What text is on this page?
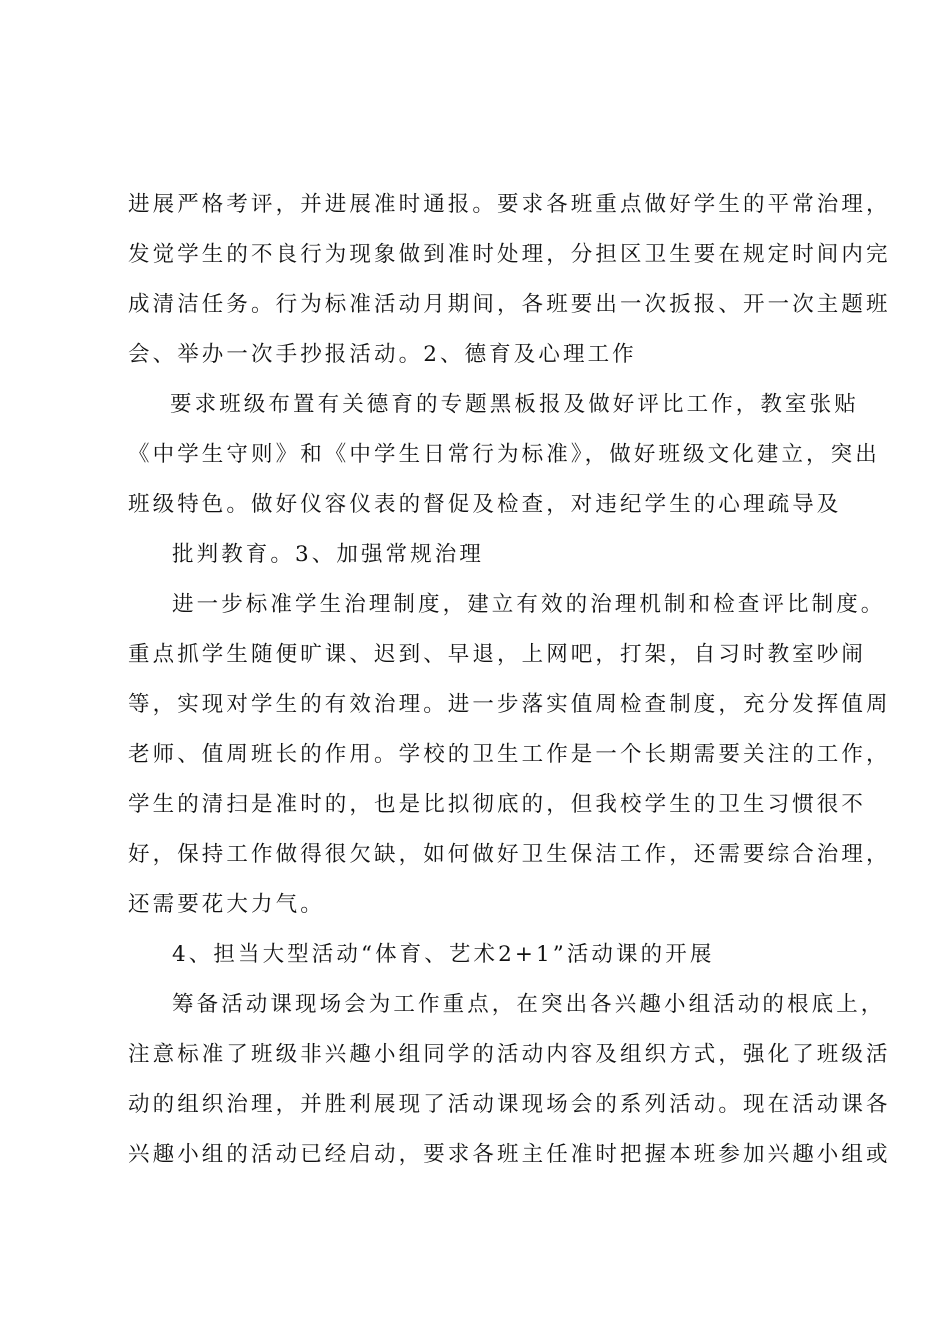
进展严格考评，并进展准时通报。要求各班重点做好学生的平常治理，
发觉学生的不良行为现象做到准时处理，分担区卫生要在规定时间内完
成清洁任务。行为标准活动月期间，各班要出一次扳报、开一次主题班
会、举办一次手抄报活动。2、德育及心理工作
要求班级布置有关德育的专题黑板报及做好评比工作，教室张贴
《中学生守则》和《中学生日常行为标准》，做好班级文化建立，突出
班级特色。做好仪容仪表的督促及检查，对违纪学生的心理疏导及
批判教育。3、加强常规治理
进一步标准学生治理制度，建立有效的治理机制和检查评比制度。
重点抓学生随便旷课、迟到、早退，上网吧，打架，自习时教室吵闹
等，实现对学生的有效治理。进一步落实值周检查制度，充分发挥值周
老师、值周班长的作用。学校的卫生工作是一个长期需要关注的工作，
学生的清扫是准时的，也是比拟彻底的，但我校学生的卫生习惯很不
好，保持工作做得很欠缺，如何做好卫生保洁工作，还需要综合治理，
还需要花大力气。
4、担当大型活动“体育、艺术2+1”活动课的开展
筹备活动课现场会为工作重点，在突出各兴趣小组活动的根底上，
注意标准了班级非兴趣小组同学的活动内容及组织方式，强化了班级活
动的组织治理，并胜利展现了活动课现场会的系列活动。现在活动课各
兴趣小组的活动已经启动，要求各班主任准时把握本班参加兴趣小组或
